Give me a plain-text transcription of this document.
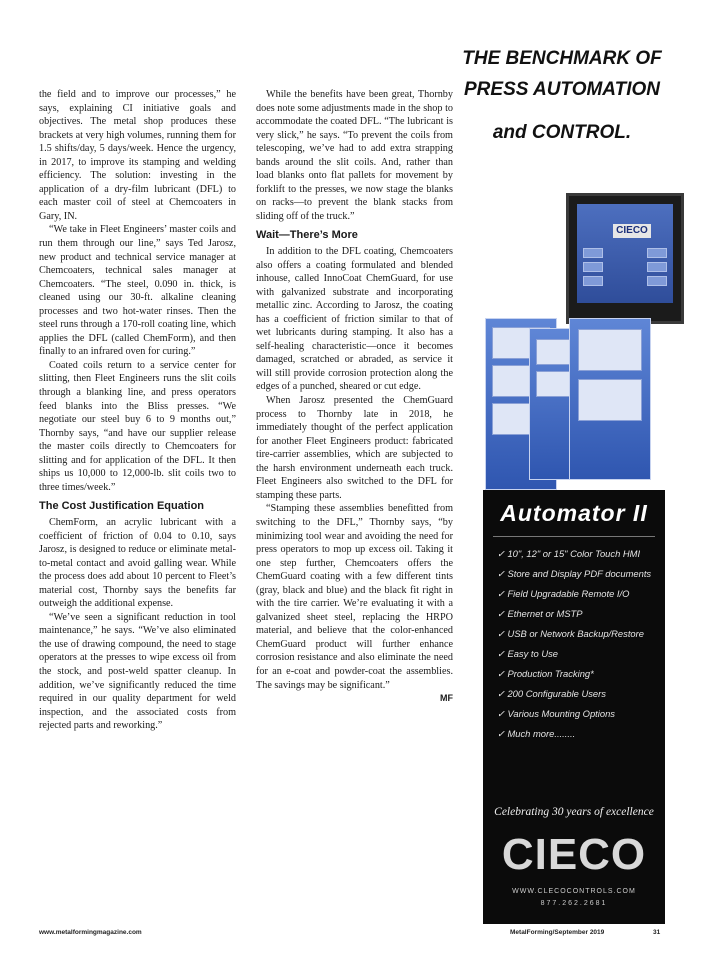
the field and to improve our processes,” he says, explaining CI initiative goals and objectives. The metal shop produces these brackets at very high volumes, running them for 1.5 shifts/day, 5 days/week. Hence the urgency, in 2017, to improve its stamping and welding efficiency. The solution: investing in the application of a dry-film lubricant (DFL) to each master coil of steel at Chemcoaters in Gary, IN.

“We take in Fleet Engineers’ master coils and run them through our line,” says Ted Jarosz, new product and technical service manager at Chemcoaters, technical sales manager at Chemcoaters. “The steel, 0.090 in. thick, is cleaned using our 30-ft. alkaline cleaning processes and two hot-water rinses. Then the steel runs through a 170-roll coating line, which applies the DFL (called ChemForm), and then finally to an infrared oven for curing.”

Coated coils return to a service center for slitting, then Fleet Engineers runs the slit coils through a blanking line, and press operators feed blanks into the Bliss presses. “We negotiate our steel buy 6 to 9 months out,” Thornby says, “and have our supplier release the master coils directly to Chemcoaters for slitting and for application of the DFL. It then ships us 10,000 to 12,000-lb. slit coils two to three times/week.”

The Cost Justification Equation

ChemForm, an acrylic lubricant with a coefficient of friction of 0.04 to 0.10, says Jarosz, is designed to reduce or eliminate metal-to-metal contact and avoid galling wear. While the process does add about 10 percent to Fleet’s material cost, Thornby says the benefits far outweigh the additional expense.

“We’ve seen a significant reduction in tool maintenance,” he says. “We’ve also eliminated the use of drawing compound, the need to stage operators at the presses to wipe excess oil from the stock, and post-weld spatter cleanup. In addition, we’ve significantly reduced the time required in our quality department for weld inspection, and the associated costs from rejected parts and reworking.”

While the benefits have been great, Thornby does note some adjustments made in the shop to accommodate the coated DFL. “The lubricant is very slick,” he says. “To prevent the coils from telescoping, we’ve had to add extra strapping bands around the slit coils. And, rather than load blanks onto flat pallets for movement by forklift to the presses, we now stage the blanks on racks—to prevent the blank stacks from sliding off of the truck.”

Wait—There’s More

In addition to the DFL coating, Chemcoaters also offers a coating formulated and blended inhouse, called InnoCoat ChemGuard, for use with galvanized substrate and incorporating metallic zinc. According to Jarosz, the coating has a coefficient of friction similar to that of wet lubricants during stamping. It also has a self-healing characteristic—once it becomes damaged, scratched or abraded, as service it will still provide corrosion protection along the edges of a punched, sheared or cut edge.

When Jarosz presented the ChemGuard process to Thornby late in 2018, he immediately thought of the perfect application for another Fleet Engineers product: fabricated tire-carrier assemblies, which are subjected to the harsh environment underneath each truck. Fleet Engineers also switched to the DFL for stamping these parts.

“Stamping these assemblies benefitted from switching to the DFL,” Thornby says, “by minimizing tool wear and avoiding the need for press operators to mop up excess oil. Taking it one step further, Chemcoaters offers the ChemGuard coating with a few different tints (gray, black and blue) and the black fit right in with the tire carrier. We’re evaluating it with a galvanized sheet steel, replacing the HRPO material, and believe that the color-enhanced ChemGuard product will further enhance corrosion resistance and also eliminate the need for an e-coat and powder-coat the assemblies. The savings may be significant.”

MF

THE BENCHMARK OF
PRESS AUTOMATION
and CONTROL.
CIECO
Automator II
✓ 10", 12" or 15" Color Touch HMI
✓ Store and Display PDF documents
✓ Field Upgradable Remote I/O
✓ Ethernet or MSTP
✓ USB or Network Backup/Restore
✓ Easy to Use
✓ Production Tracking*
✓ 200 Configurable Users
✓ Various Mounting Options
✓ Much more........
Celebrating 30 years of excellence
CIECO
WWW.CLECOCONTROLS.COM
877.262.2681
www.metalformingmagazine.com	MetalForming/September 2019	31
